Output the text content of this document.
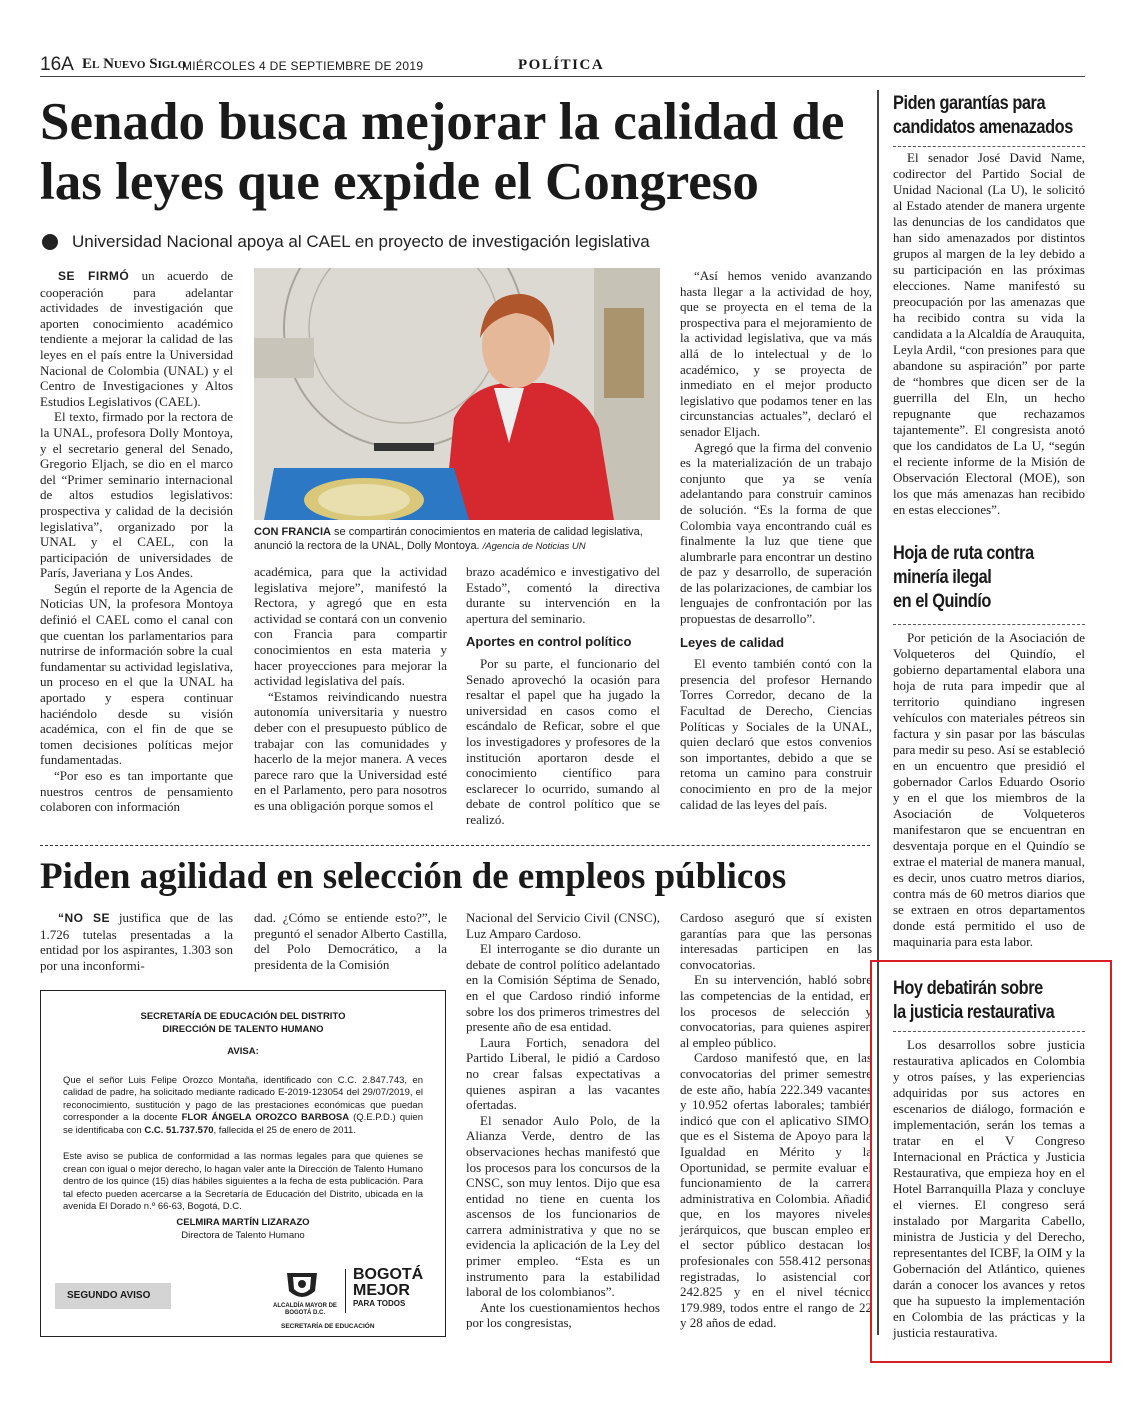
16A El Nuevo Siglo
MIÉRCOLES 4 DE SEPTIEMBRE DE 2019	POLÍTICA
Senado busca mejorar la calidad de las leyes que expide el Congreso
Universidad Nacional apoya al CAEL en proyecto de investigación legislativa

SE FIRMÓ un acuerdo de cooperación para adelantar actividades de investigación que aporten conocimiento académico tendiente a mejorar la calidad de las leyes en el país entre la Universidad Nacional de Colombia (UNAL) y el Centro de Investigaciones y Altos Estudios Legislativos (CAEL).

El texto, firmado por la rectora de la UNAL, profesora Dolly Montoya, y el secretario general del Senado, Gregorio Eljach, se dio en el marco del “Primer seminario internacional de altos estudios legislativos: prospectiva y calidad de la decisión legislativa”, organizado por la UNAL y el CAEL, con la participación de universidades de París, Javeriana y Los Andes.

Según el reporte de la Agencia de Noticias UN, la profesora Montoya definió el CAEL como el canal con que cuentan los parlamentarios para nutrirse de información sobre la cual fundamentar su actividad legislativa, un proceso en el que la UNAL ha aportado y espera continuar haciéndolo desde su visión académica, con el fin de que se tomen decisiones políticas mejor fundamentadas.

“Por eso es tan importante que nuestros centros de pensamiento colaboren con información

CON FRANCIA se compartirán conocimientos en materia de calidad legislativa, anunció la rectora de la UNAL, Dolly Montoya. /Agencia de Noticias UN

académica, para que la actividad legislativa mejore”, manifestó la Rectora, y agregó que en esta actividad se contará con un convenio con Francia para compartir conocimientos en esta materia y hacer proyecciones para mejorar la actividad legislativa del país.

“Estamos reivindicando nuestra autonomía universitaria y nuestro deber con el presupuesto público de trabajar con las comunidades y hacerlo de la mejor manera. A veces parece raro que la Universidad esté en el Parlamento, pero para nosotros es una obligación porque somos el

brazo académico e investigativo del Estado”, comentó la directiva durante su intervención en la apertura del seminario.

Aportes en control político

Por su parte, el funcionario del Senado aprovechó la ocasión para resaltar el papel que ha jugado la universidad en casos como el escándalo de Reficar, sobre el que los investigadores y profesores de la institución aportaron desde el conocimiento científico para esclarecer lo ocurrido, sumando al debate de control político que se realizó.

“Así hemos venido avanzando hasta llegar a la actividad de hoy, que se proyecta en el tema de la prospectiva para el mejoramiento de la actividad legislativa, que va más allá de lo intelectual y de lo académico, y se proyecta de inmediato en el mejor producto legislativo que podamos tener en las circunstancias actuales”, declaró el senador Eljach.

Agregó que la firma del convenio es la materialización de un trabajo conjunto que ya se venía adelantando para construir caminos de solución. “Es la forma de que Colombia vaya encontrando cuál es finalmente la luz que tiene que alumbrarle para encontrar un destino de paz y desarrollo, de superación de las polarizaciones, de cambiar los lenguajes de confrontación por las propuestas de desarrollo”.

Leyes de calidad

El evento también contó con la presencia del profesor Hernando Torres Corredor, decano de la Facultad de Derecho, Ciencias Políticas y Sociales de la UNAL, quien declaró que estos convenios son importantes, debido a que se retoma un camino para construir conocimiento en pro de la mejor calidad de las leyes del país.

Piden agilidad en selección de empleos públicos

“NO SE justifica que de las 1.726 tutelas presentadas a la entidad por los aspirantes, 1.303 son por una inconformi-

dad. ¿Cómo se entiende esto?”, le preguntó el senador Alberto Castilla, del Polo Democrático, a la presidenta de la Comisión

Nacional del Servicio Civil (CNSC), Luz Amparo Cardoso.

El interrogante se dio durante un debate de control político adelantado en la Comisión Séptima de Senado, en el que Cardoso rindió informe sobre los dos primeros trimestres del presente año de esa entidad.

Laura Fortich, senadora del Partido Liberal, le pidió a Cardoso no crear falsas expectativas a quienes aspiran a las vacantes ofertadas.

El senador Aulo Polo, de la Alianza Verde, dentro de las observaciones hechas manifestó que los procesos para los concursos de la CNSC, son muy lentos. Dijo que esa entidad no tiene en cuenta los ascensos de los funcionarios de carrera administrativa y que no se evidencia la aplicación de la Ley del primer empleo. “Esta es un instrumento para la estabilidad laboral de los colombianos”.

Ante los cuestionamientos hechos por los congresistas,

Cardoso aseguró que sí existen garantías para que las personas interesadas participen en las convocatorias.

En su intervención, habló sobre las competencias de la entidad, en los procesos de selección y convocatorias, para quienes aspiren al empleo público.

Cardoso manifestó que, en las convocatorias del primer semestre de este año, había 222.349 vacantes y 10.952 ofertas laborales; también indicó que con el aplicativo SIMO, que es el Sistema de Apoyo para la Igualdad en Mérito y la Oportunidad, se permite evaluar el funcionamiento de la carrera administrativa en Colombia. Añadió que, en los mayores niveles jerárquicos, que buscan empleo en el sector público destacan los profesionales con 558.412 personas registradas, lo asistencial con 242.825 y en el nivel técnico 179.989, todos entre el rango de 22 y 28 años de edad.

SECRETARÍA DE EDUCACIÓN DEL DISTRITO
DIRECCIÓN DE TALENTO HUMANO
AVISA:
Que el señor Luis Felipe Orozco Montaña, identificado con C.C. 2.847.743, en calidad de padre, ha solicitado mediante radicado E-2019-123054 del 29/07/2019, el reconocimiento, sustitución y pago de las prestaciones económicas que puedan corresponder a la docente FLOR ÁNGELA OROZCO BARBOSA (Q.E.P.D.) quien se identificaba con C.C. 51.737.570, fallecida el 25 de enero de 2011.
Este aviso se publica de conformidad a las normas legales para que quienes se crean con igual o mejor derecho, lo hagan valer ante la Dirección de Talento Humano dentro de los quince (15) días hábiles siguientes a la fecha de esta publicación. Para tal efecto pueden acercarse a la Secretaría de Educación del Distrito, ubicada en la avenida El Dorado n.º 66-63, Bogotá, D.C.
CELMIRA MARTÍN LIZARAZO
Directora de Talento Humano
SEGUNDO AVISO
ALCALDÍA MAYOR DE BOGOTÁ D.C.
BOGOTÁ
MEJOR
PARA TODOS
SECRETARÍA DE EDUCACIÓN
Piden garantías para
candidatos amenazados

El senador José David Name, codirector del Partido Social de Unidad Nacional (La U), le solicitó al Estado atender de manera urgente las denuncias de los candidatos que han sido amenazados por distintos grupos al margen de la ley debido a su participación en las próximas elecciones. Name manifestó su preocupación por las amenazas que ha recibido contra su vida la candidata a la Alcaldía de Arauquita, Leyla Ardil, “con presiones para que abandone su aspiración” por parte de “hombres que dicen ser de la guerrilla del Eln, un hecho repugnante que rechazamos tajantemente”. El congresista anotó que los candidatos de La U, “según el reciente informe de la Misión de Observación Electoral (MOE), son los que más amenazas han recibido en estas elecciones”.

Hoja de ruta contra
minería ilegal
en el Quindío

Por petición de la Asociación de Volqueteros del Quindío, el gobierno departamental elabora una hoja de ruta para impedir que al territorio quindiano ingresen vehículos con materiales pétreos sin factura y sin pasar por las básculas para medir su peso. Así se estableció en un encuentro que presidió el gobernador Carlos Eduardo Osorio y en el que los miembros de la Asociación de Volqueteros manifestaron que se encuentran en desventaja porque en el Quindío se extrae el material de manera manual, es decir, unos cuatro metros diarios, contra más de 60 metros diarios que se extraen en otros departamentos donde está permitido el uso de maquinaria para esta labor.

Hoy debatirán sobre
la justicia restaurativa

Los desarrollos sobre justicia restaurativa aplicados en Colombia y otros países, y las experiencias adquiridas por sus actores en escenarios de diálogo, formación e implementación, serán los temas a tratar en el V Congreso Internacional en Práctica y Justicia Restaurativa, que empieza hoy en el Hotel Barranquilla Plaza y concluye el viernes. El congreso será instalado por Margarita Cabello, ministra de Justicia y del Derecho, representantes del ICBF, la OIM y la Gobernación del Atlántico, quienes darán a conocer los avances y retos que ha supuesto la implementación en Colombia de las prácticas y la justicia restaurativa.
